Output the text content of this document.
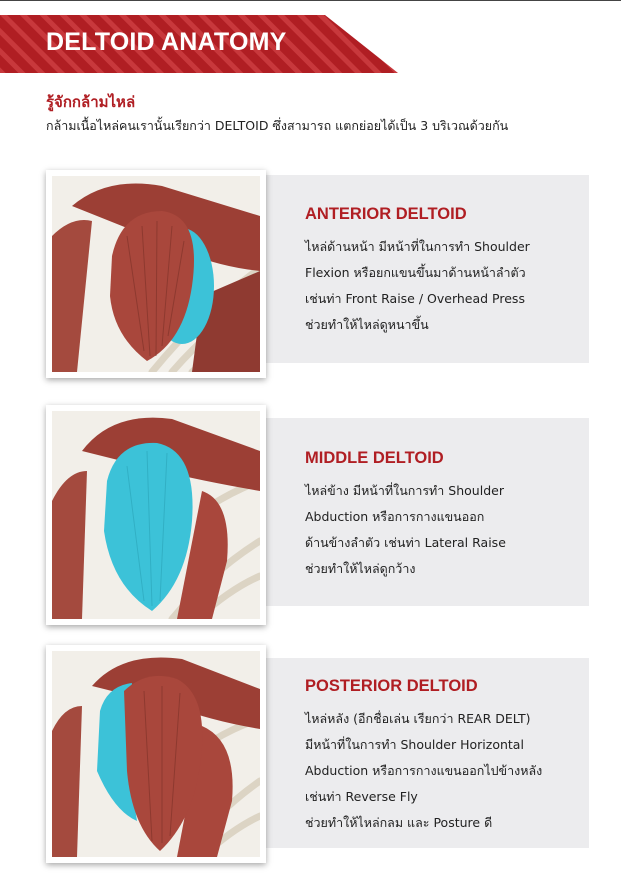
DELTOID ANATOMY
รู้จักกล้ามไหล่
กล้ามเนื้อไหล่คนเรานั้นเรียกว่า DELTOID ซึ่งสามารถ แตกย่อยได้เป็น 3 บริเวณด้วยกัน
ANTERIOR DELTOID
ไหล่ด้านหน้า มีหน้าที่ในการทำ Shoulder
Flexion หรือยกแขนขึ้นมาด้านหน้าลำตัว
เช่นท่า Front Raise / Overhead Press
ช่วยทำให้ไหล่ดูหนาขึ้น
MIDDLE DELTOID
ไหล่ข้าง มีหน้าที่ในการทำ Shoulder
Abduction หรือการกางแขนออก
ด้านข้างลำตัว เช่นท่า Lateral Raise
ช่วยทำให้ไหล่ดูกว้าง
POSTERIOR DELTOID
ไหล่หลัง (อีกชื่อเล่น เรียกว่า REAR DELT)
มีหน้าที่ในการทำ Shoulder Horizontal
Abduction หรือการกางแขนออกไปข้างหลัง
เช่นท่า Reverse Fly
ช่วยทำให้ไหล่กลม และ Posture ดี
